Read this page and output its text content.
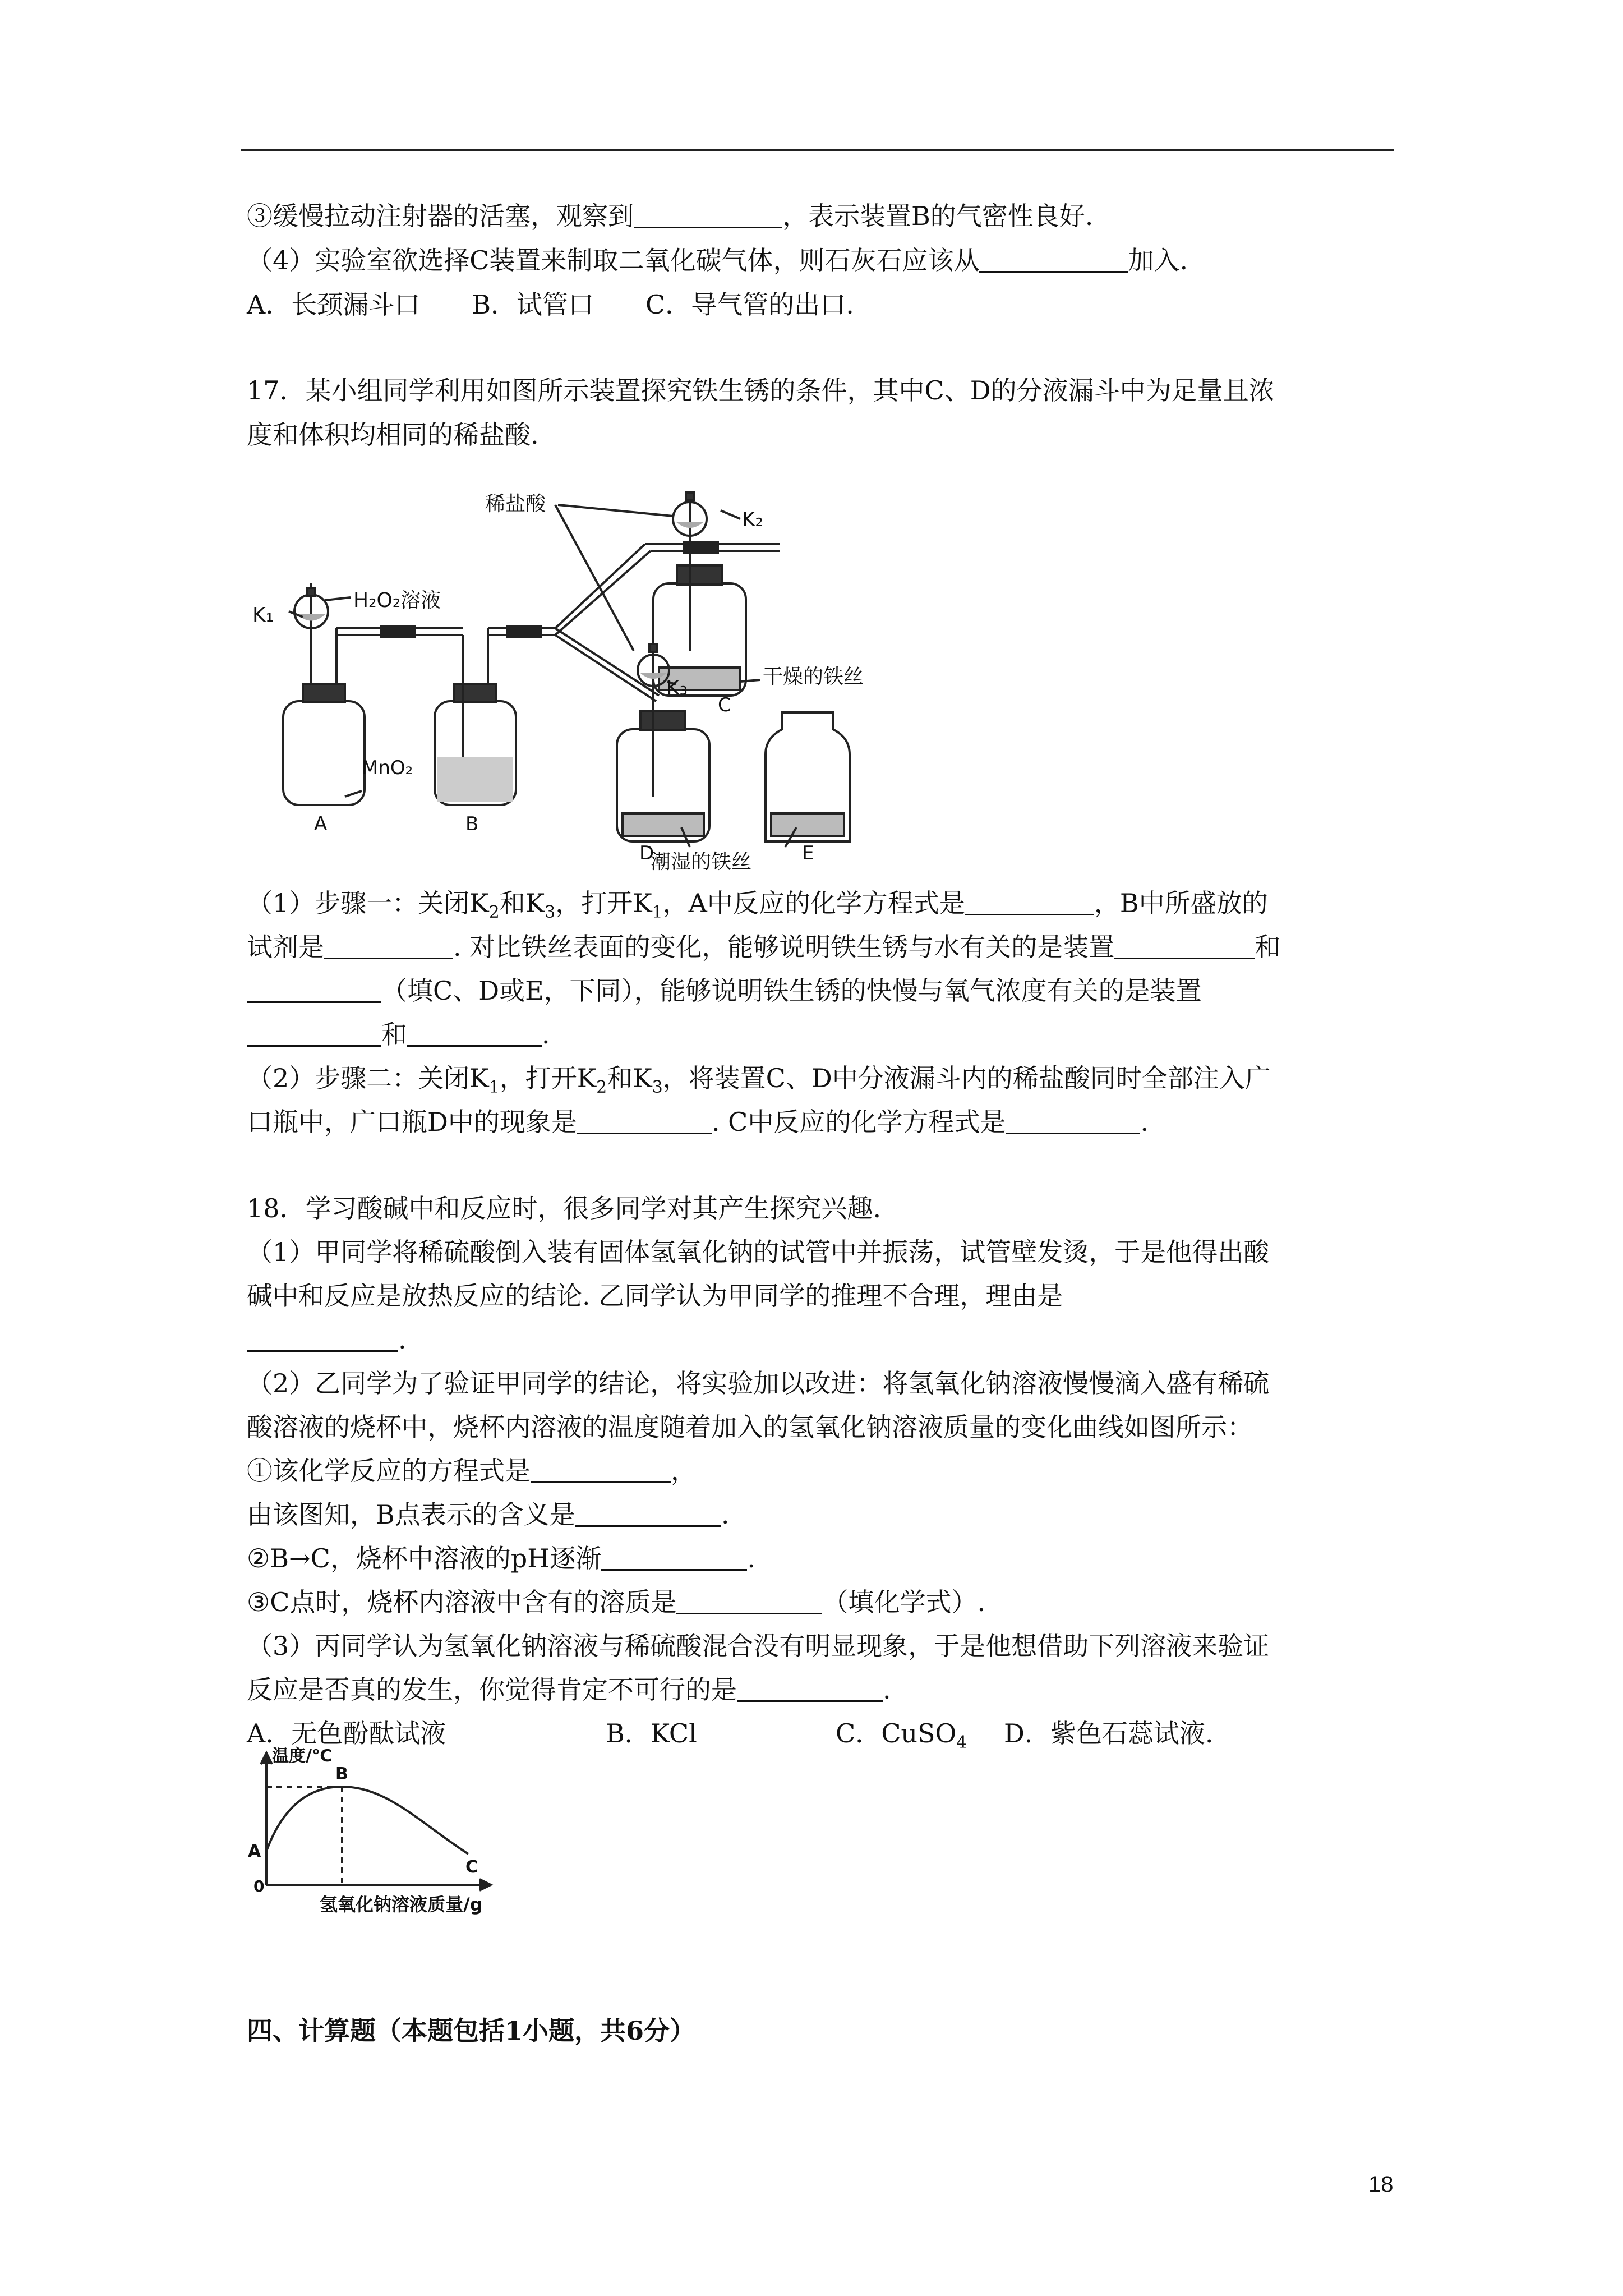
③缓慢拉动注射器的活塞，观察到	，表示装置B的气密性良好.
（4）实验室欲选择C装置来制取二氧化碳气体，则石灰石应该从	加入.
A．长颈漏斗口　　B．试管口　　C．导气管的出口.
17．某小组同学利用如图所示装置探究铁生锈的条件，其中C、D的分液漏斗中为足量且浓
度和体积均相同的稀盐酸.
稀盐酸
H₂O₂溶液
K₁
K₂
K₃
MnO₂
干燥的铁丝
潮湿的铁丝
A	B
C
D	E
（1）步骤一：关闭$K_2$和$K_3$，打开$K_1$，A中反应的化学方程式是	，B中所盛放的
试剂是	. 对比铁丝表面的变化，能够说明铁生锈与水有关的是装置	和
（填C、D或E，下同），能够说明铁生锈的快慢与氧气浓度有关的是装置
和	.
（2）步骤二：关闭$K_1$，打开$K_2$和$K_3$，将装置C、D中分液漏斗内的稀盐酸同时全部注入广
口瓶中，广口瓶D中的现象是	. C中反应的化学方程式是	.
18．学习酸碱中和反应时，很多同学对其产生探究兴趣.
（1）甲同学将稀硫酸倒入装有固体氢氧化钠的试管中并振荡，试管壁发烫，于是他得出酸
碱中和反应是放热反应的结论. 乙同学认为甲同学的推理不合理，理由是
.
（2）乙同学为了验证甲同学的结论，将实验加以改进：将氢氧化钠溶液慢慢滴入盛有稀硫
酸溶液的烧杯中，烧杯内溶液的温度随着加入的氢氧化钠溶液质量的变化曲线如图所示：
①该化学反应的方程式是	，
由该图知，B点表示的含义是	.
②B→C，烧杯中溶液的pH逐渐	.
③C点时，烧杯内溶液中含有的溶质是	（填化学式）.
（3）丙同学认为氢氧化钠溶液与稀硫酸混合没有明显现象，于是他想借助下列溶液来验证
反应是否真的发生，你觉得肯定不可行的是	.
A．无色酚酞试液	B．KCl	C．CuSO$_4$ D．紫色石蕊试液.
温度/℃
B
A
C
0
氢氧化钠溶液质量/g
四、计算题（本题包括1小题，共6分）
18
